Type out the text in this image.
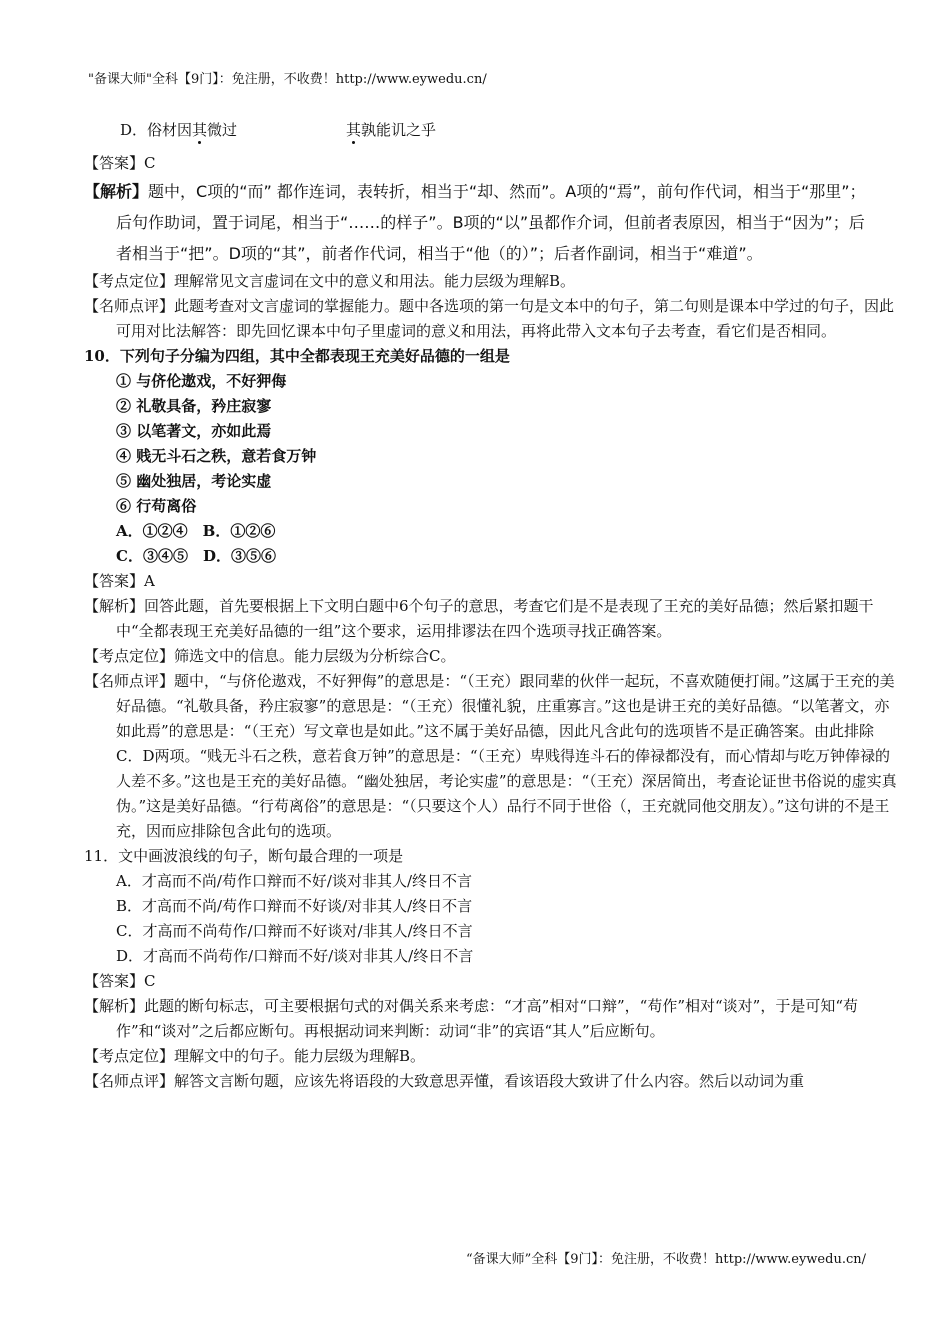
"备课大师"全科【9门】：免注册，不收费！http://www.eywedu.cn/
D．俗材因其微过	其孰能讥之乎
【答案】C
【解析】题中，C项的“而” 都作连词，表转折，相当于“却、然而”。A项的“焉”，前句作代词，相当于“那里”；后句作助词，置于词尾，相当于“……的样子”。B项的“以”虽都作介词，但前者表原因，相当于“因为”；后者相当于“把”。D项的“其”，前者作代词，相当于“他（的）”；后者作副词，相当于“难道”。
【考点定位】理解常见文言虚词在文中的意义和用法。能力层级为理解B。
【名师点评】此题考查对文言虚词的掌握能力。题中各选项的第一句是文本中的句子，第二句则是课本中学过的句子，因此可用对比法解答：即先回忆课本中句子里虚词的意义和用法，再将此带入文本句子去考查，看它们是否相同。
10．下列句子分编为四组，其中全都表现王充美好品德的一组是
① 与侪伦遨戏，不好狎侮
② 礼敬具备，矜庄寂寥
③ 以笔著文，亦如此焉
④ 贱无斗石之秩，意若食万钟
⑤ 幽处独居，考论实虚
⑥ 行苟离俗
A．①②④　B．①②⑥
C．③④⑤　D．③⑤⑥
【答案】A
【解析】回答此题，首先要根据上下文明白题中6个句子的意思，考查它们是不是表现了王充的美好品德；然后紧扣题干中“全都表现王充美好品德的一组”这个要求，运用排谬法在四个选项寻找正确答案。
【考点定位】筛选文中的信息。能力层级为分析综合C。
【名师点评】题中，“与侪伦遨戏，不好狎侮”的意思是：“（王充）跟同辈的伙伴一起玩，不喜欢随便打闹。”这属于王充的美好品德。“礼敬具备，矜庄寂寥”的意思是：“（王充）很懂礼貌，庄重寡言。”这也是讲王充的美好品德。“以笔著文，亦如此焉”的意思是：“（王充）写文章也是如此。”这不属于美好品德，因此凡含此句的选项皆不是正确答案。由此排除C．D两项。“贱无斗石之秩，意若食万钟”的意思是：“（王充）卑贱得连斗石的俸禄都没有，而心情却与吃万钟俸禄的人差不多。”这也是王充的美好品德。“幽处独居，考论实虚”的意思是：“（王充）深居简出，考查论证世书俗说的虚实真伪。”这是美好品德。“行苟离俗”的意思是：“（只要这个人）品行不同于世俗（，王充就同他交朋友）。”这句讲的不是王充，因而应排除包含此句的选项。
11．文中画波浪线的句子，断句最合理的一项是
A．才高而不尚/苟作口辩而不好/谈对非其人/终日不言
B．才高而不尚/苟作口辩而不好谈/对非其人/终日不言
C．才高而不尚苟作/口辩而不好谈对/非其人/终日不言
D．才高而不尚苟作/口辩而不好/谈对非其人/终日不言
【答案】C
【解析】此题的断句标志，可主要根据句式的对偶关系来考虑：“才高”相对“口辩”，“苟作”相对“谈对”，于是可知“苟作”和“谈对”之后都应断句。再根据动词来判断：动词“非”的宾语“其人”后应断句。
【考点定位】理解文中的句子。能力层级为理解B。
【名师点评】解答文言断句题，应该先将语段的大致意思弄懂，看该语段大致讲了什么内容。然后以动词为重
“备课大师”全科【9门】：免注册，不收费！http://www.eywedu.cn/
